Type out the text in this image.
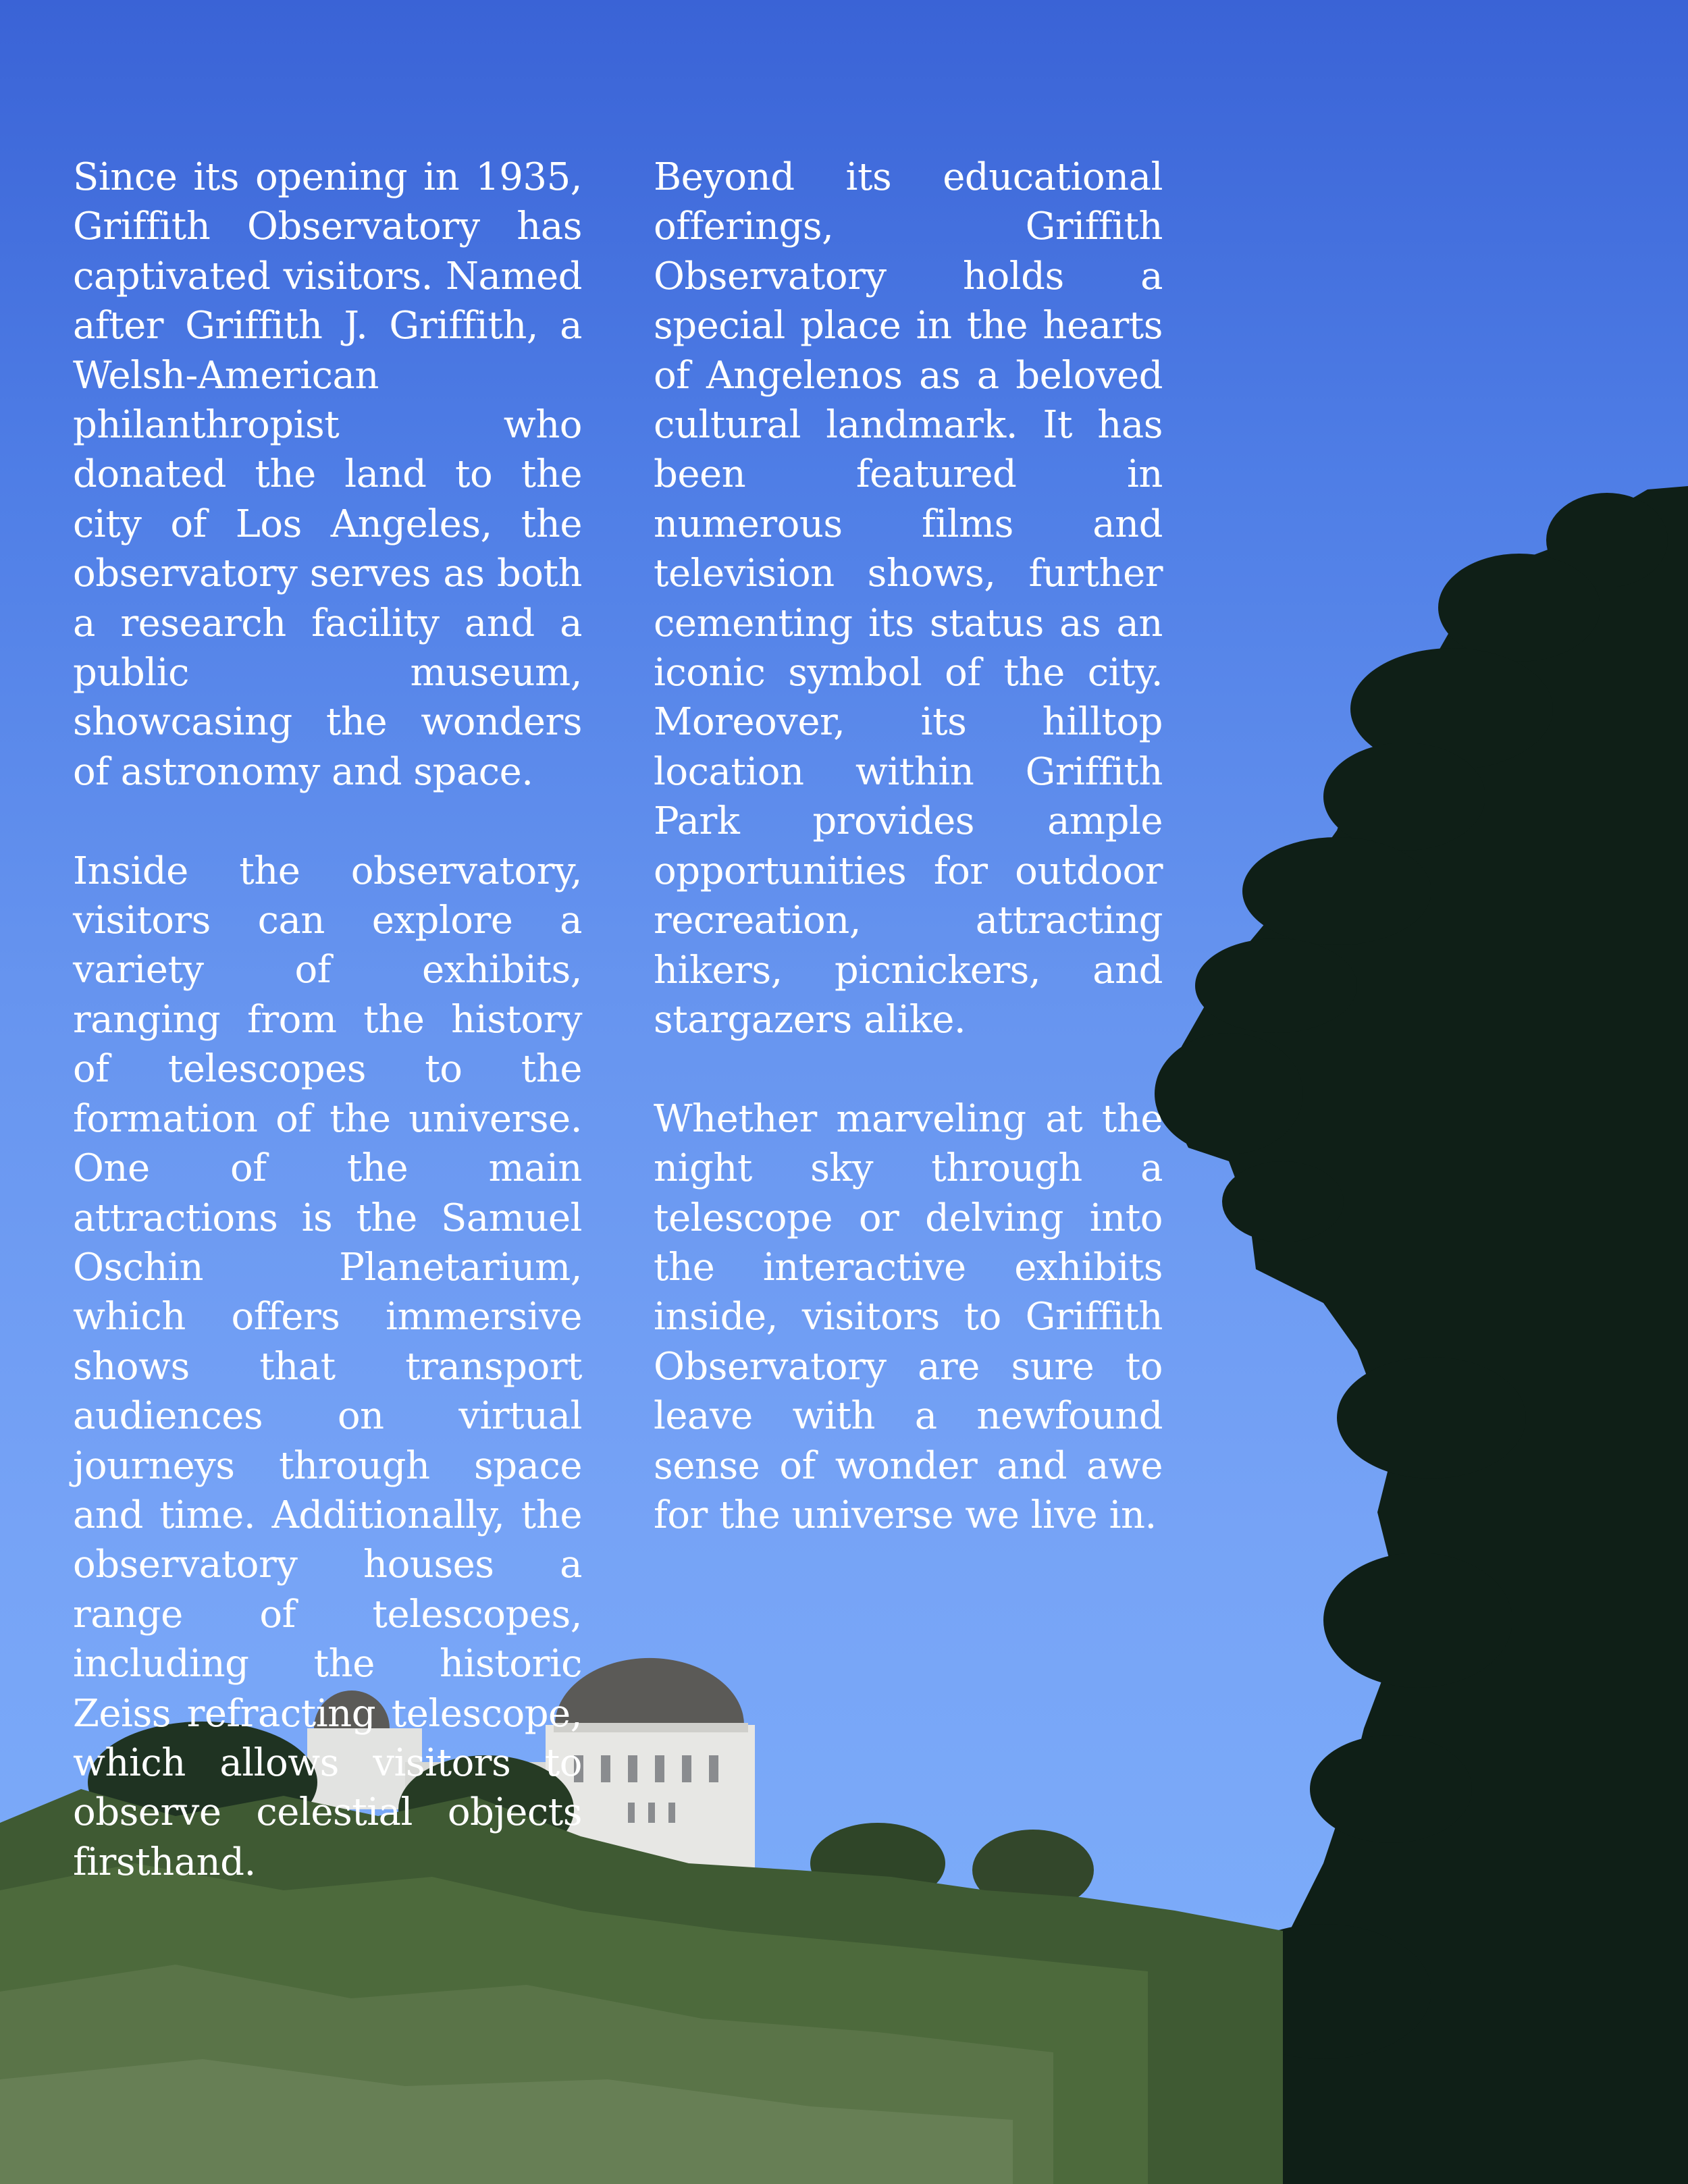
Since its opening in 1935, Griffith Observatory has captivated visitors. Named after Griffith J. Griffith, a Welsh-American philanthropist who donated the land to the city of Los Angeles, the observatory serves as both a research facility and a public museum, showcasing the wonders of astronomy and space.

Inside the observatory, visitors can explore a variety of exhibits, ranging from the history of telescopes to the formation of the universe. One of the main attractions is the Samuel Oschin Planetarium, which offers immersive shows that transport audiences on virtual journeys through space and time. Additionally, the observatory houses a range of telescopes, including the historic Zeiss refracting telescope, which allows visitors to observe celestial objects firsthand.

Beyond its educational offerings, Griffith Observatory holds a special place in the hearts of Angelenos as a beloved cultural landmark. It has been featured in numerous films and television shows, further cementing its status as an iconic symbol of the city. Moreover, its hilltop location within Griffith Park provides ample opportunities for outdoor recreation, attracting hikers, picnickers, and stargazers alike.

Whether marveling at the night sky through a telescope or delving into the interactive exhibits inside, visitors to Griffith Observatory are sure to leave with a newfound sense of wonder and awe for the universe we live in.
